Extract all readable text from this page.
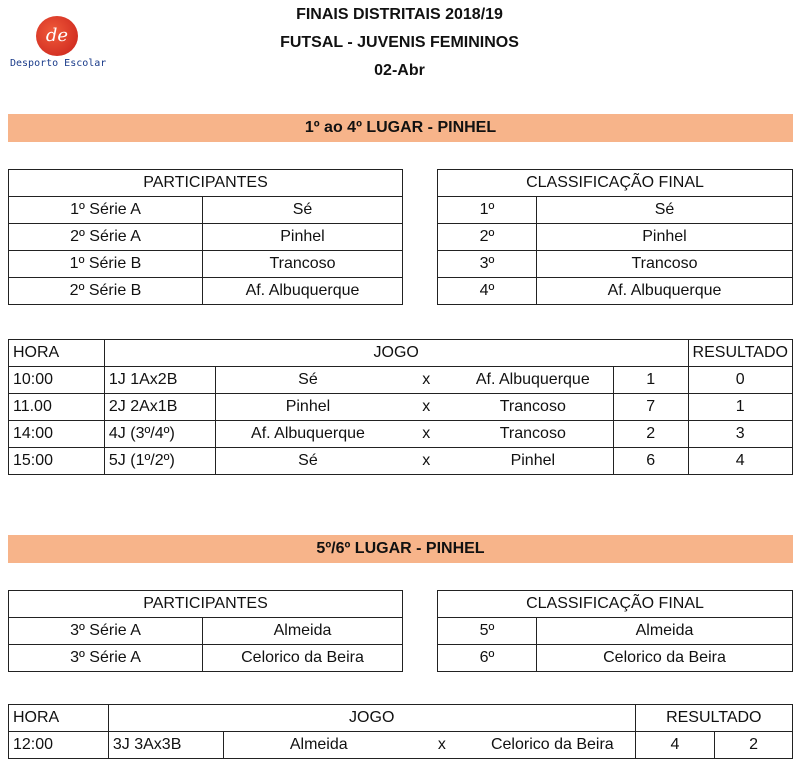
de
Desporto Escolar
FINAIS DISTRITAIS 2018/19
FUTSAL - JUVENIS FEMININOS
02-Abr
1º ao 4º LUGAR - PINHEL
PARTICIPANTES	
1º Série A	Sé
2º Série A	Pinhel
1º Série B	Trancoso
2º Série B	Af. Albuquerque
CLASSIFICAÇÃO FINAL	
1º	Sé
2º	Pinhel
3º	Trancoso
4º	Af. Albuquerque
HORA	JOGO					RESULTADO
10:00	1J 1Ax2B	Sé	x	Af. Albuquerque	1	0
11.00	2J 2Ax1B	Pinhel	x	Trancoso	7	1
14:00	4J (3º/4º)	Af. Albuquerque	x	Trancoso	2	3
15:00	5J (1º/2º)	Sé	x	Pinhel	6	4
5º/6º LUGAR - PINHEL
PARTICIPANTES	
3º Série A	Almeida
3º Série A	Celorico da Beira
CLASSIFICAÇÃO FINAL	
5º	Almeida
6º	Celorico da Beira
HORA	JOGO				RESULTADO	
12:00	3J 3Ax3B	Almeida	x	Celorico da Beira	4	2
